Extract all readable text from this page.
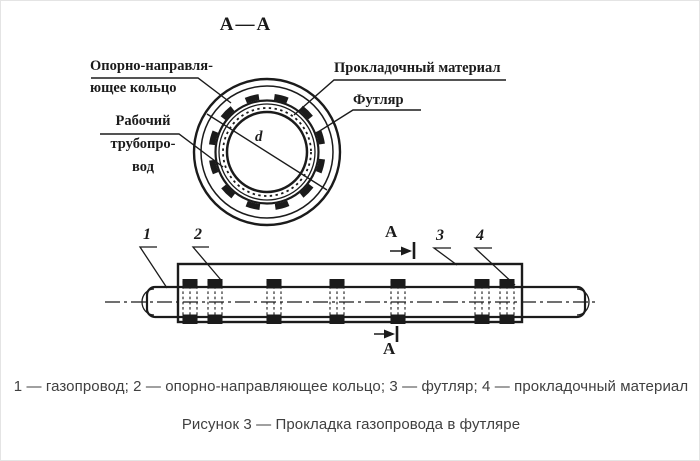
А—А
Опорно-направля-
ющее кольцо
Прокладочный материал
Футляр
Рабочий
трубопро-
вод
d
1	2	3 4
А
А
1 — газопровод; 2 — опорно-направляющее кольцо; 3 — футляр; 4 — прокладочный материал
Рисунок 3 — Прокладка газопровода в футляре
